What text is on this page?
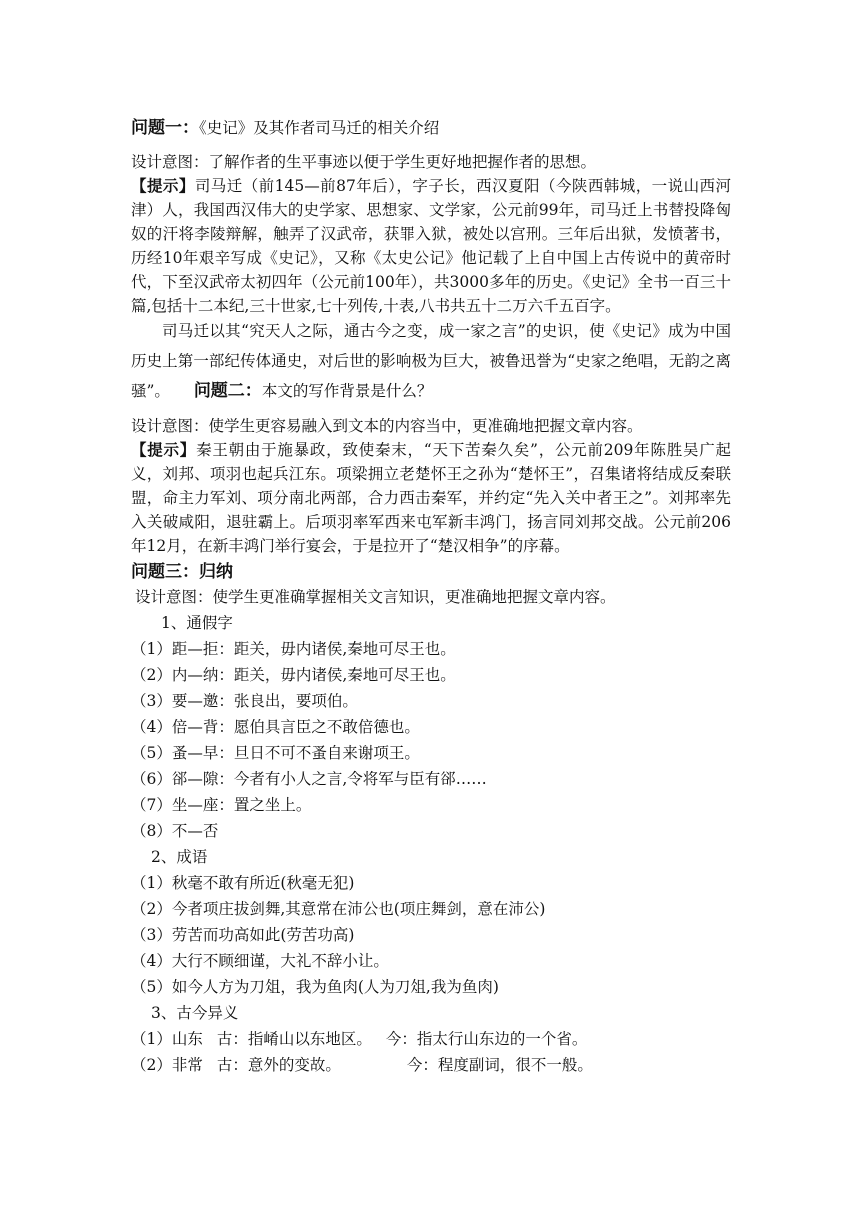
问题一：《史记》及其作者司马迁的相关介绍
设计意图：了解作者的生平事迹以便于学生更好地把握作者的思想。
【提示】司马迁（前145—前87年后），字子长，西汉夏阳（今陕西韩城，一说山西河津）人，我国西汉伟大的史学家、思想家、文学家，公元前99年，司马迁上书替投降匈奴的汗将李陵辩解，触弄了汉武帝，获罪入狱，被处以宫刑。三年后出狱，发愤著书，历经10年艰辛写成《史记》，又称《太史公记》他记载了上自中国上古传说中的黄帝时代，下至汉武帝太初四年（公元前100年），共3000多年的历史。《史记》全书一百三十篇,包括十二本纪,三十世家,七十列传,十表,八书共五十二万六千五百字。
司马迁以其“究天人之际，通古今之变，成一家之言”的史识，使《史记》成为中国历史上第一部纪传体通史，对后世的影响极为巨大，被鲁迅誉为“史家之绝唱，无韵之离骚”。 问题二：本文的写作背景是什么？
设计意图：使学生更容易融入到文本的内容当中，更准确地把握文章内容。
【提示】秦王朝由于施暴政，致使秦末，“天下苦秦久矣”，公元前209年陈胜吴广起义，刘邦、项羽也起兵江东。项梁拥立老楚怀王之孙为“楚怀王”，召集诸将结成反秦联盟，命主力军刘、项分南北两部，合力西击秦军，并约定“先入关中者王之”。刘邦率先入关破咸阳，退驻霸上。后项羽率军西来屯军新丰鸿门，扬言同刘邦交战。公元前206年12月，在新丰鸿门举行宴会，于是拉开了“楚汉相争”的序幕。
问题三：归纳
设计意图：使学生更准确掌握相关文言知识，更准确地把握文章内容。
1、通假字
（1）距—拒：距关，毋内诸侯,秦地可尽王也。
（2）内—纳：距关，毋内诸侯,秦地可尽王也。
（3）要—邀：张良出，要项伯。
（4）倍—背：愿伯具言臣之不敢倍德也。
（5）蚤—早：旦日不可不蚤自来谢项王。
（6）郤—隙：今者有小人之言,令将军与臣有郤……
（7）坐—座：置之坐上。
（8）不—否
2、成语
（1）秋毫不敢有所近(秋毫无犯)
（2）今者项庄拔剑舞,其意常在沛公也(项庄舞剑，意在沛公)
（3）劳苦而功高如此(劳苦功高)
（4）大行不顾细谨，大礼不辞小让。
（5）如今人方为刀俎，我为鱼肉(人为刀俎,我为鱼肉)
3、古今异义
（1）山东 古：指崤山以东地区。 今：指太行山东边的一个省。
（2）非常 古：意外的变故。	今：程度副词，很不一般。
